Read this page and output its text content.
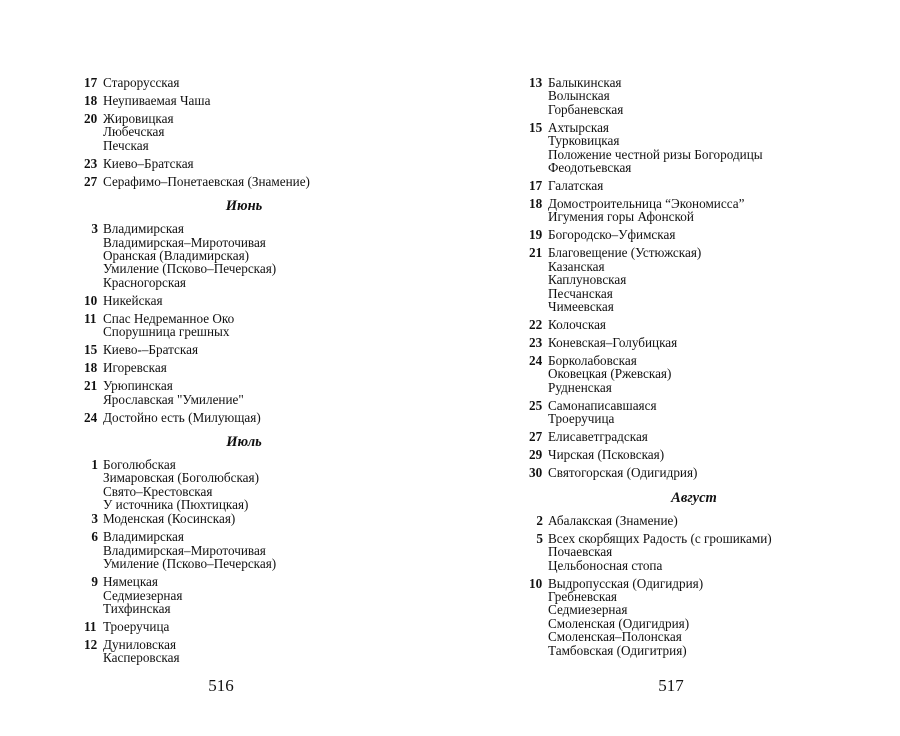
17 Старорусская
18 Неупиваемая Чаша
20 Жировицкая
Любечская
Печская
23 Киево–Братская
27 Серафимо–Понетаевская (Знамение)
Июнь
3 Владимирская
Владимирская–Мироточивая
Оранская (Владимирская)
Умиление (Псково–Печерская)
Красногорская
10 Никейская
11 Спас Недреманное Око
Спорушница грешных
15 Киево-–Братская
18 Игоревская
21 Урюпинская
Ярославская "Умиление"
24 Достойно есть (Милующая)
Июль
1 Боголюбская
Зимаровская (Боголюбская)
Свято–Крестовская
У источника (Пюхтицкая)
3 Моденская (Косинская)
6 Владимирская
Владимирская–Мироточивая
Умиление (Псково–Печерская)
9 Нямецкая
Седмиезерная
Тихфинская
11 Троеручица
12 Дуниловская
Касперовская
516
13 Балыкинская
Волынская
Горбаневская
15 Ахтырская
Турковицкая
Положение честной ризы Богородицы
Феодотьевская
17 Галатская
18 Домостроительница “Экономисса”
Игумения горы Афонской
19 Богородско–Уфимская
21 Благовещение (Устюжская)
Казанская
Каплуновская
Песчанская
Чимеевская
22 Колочская
23 Коневская–Голубицкая
24 Борколабовская
Оковецкая (Ржевская)
Рудненская
25 Самонаписавшаяся
Троеручица
27 Елисаветградская
29 Чирская (Псковская)
30 Святогорская (Одигидрия)
Август
2 Абалакская (Знамение)
5 Всех скорбящих Радость (с грошиками)
Почаевская
Цельбоносная стопа
10 Выдропусская (Одигидрия)
Гребневская
Седмиезерная
Смоленская (Одигидрия)
Смоленская–Полонская
Тамбовская (Одигитрия)
517
